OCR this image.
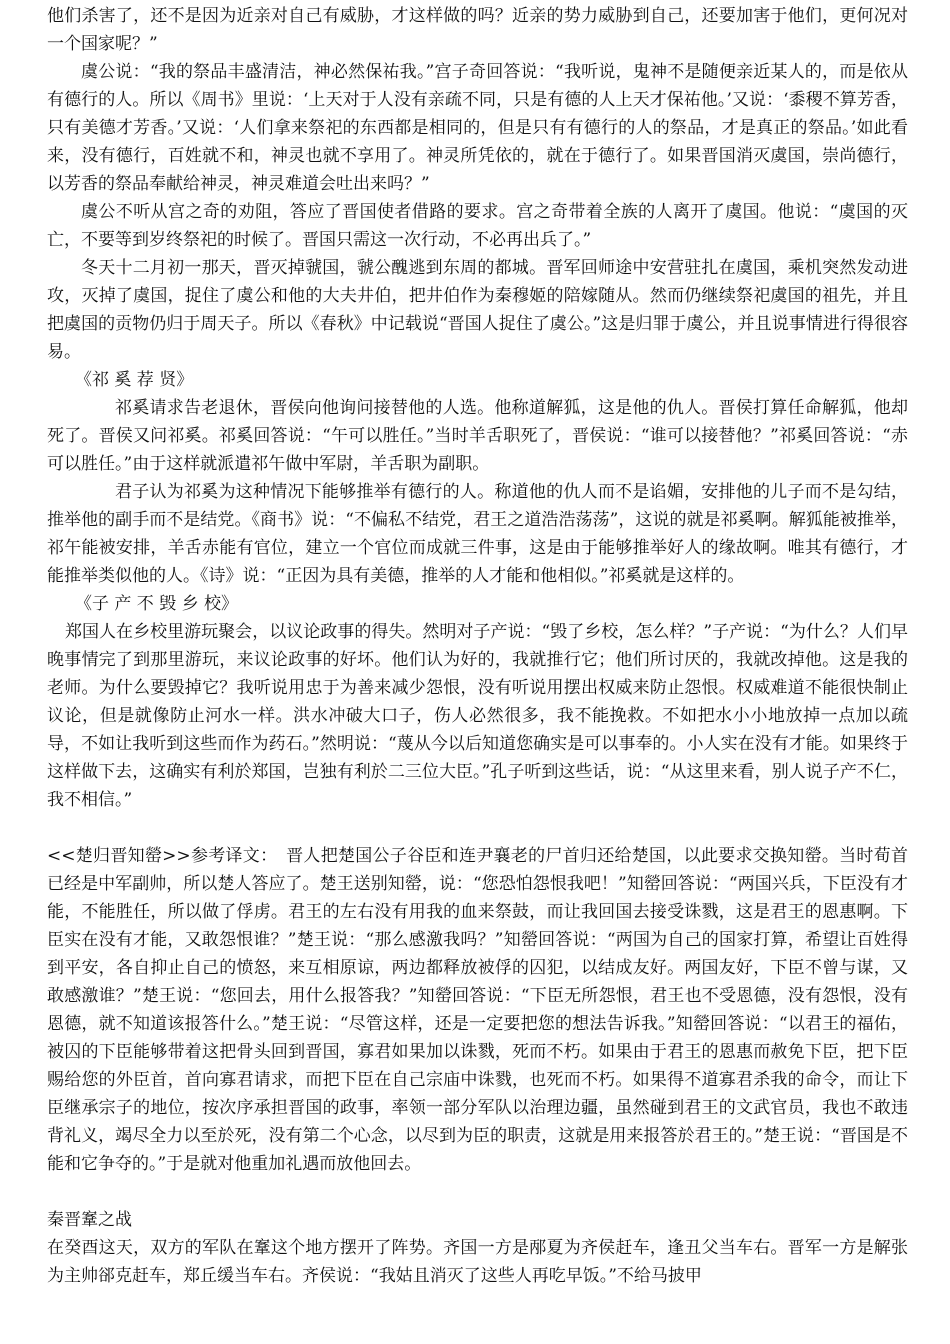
他们杀害了，还不是因为近亲对自己有威胁，才这样做的吗？近亲的势力威胁到自己，还要加害于他们，更何况对一个国家呢？”

虞公说：“我的祭品丰盛清洁，神必然保祐我。”宫子奇回答说：“我听说，鬼神不是随便亲近某人的，而是依从有德行的人。所以《周书》里说：‘上天对于人没有亲疏不同，只是有德的人上天才保祐他。’又说：‘黍稷不算芳香，只有美德才芳香。’又说：‘人们拿来祭祀的东西都是相同的，但是只有有德行的人的祭品，才是真正的祭品。’如此看来，没有德行，百姓就不和，神灵也就不享用了。神灵所凭依的，就在于德行了。如果晋国消灭虞国，崇尚德行，以芳香的祭品奉献给神灵，神灵难道会吐出来吗？”

虞公不听从宫之奇的劝阻，答应了晋国使者借路的要求。宫之奇带着全族的人离开了虞国。他说：“虞国的灭亡，不要等到岁终祭祀的时候了。晋国只需这一次行动，不必再出兵了。”

冬天十二月初一那天，晋灭掉虢国，虢公醜逃到东周的都城。晋军回师途中安营驻扎在虞国，乘机突然发动进攻，灭掉了虞国，捉住了虞公和他的大夫井伯，把井伯作为秦穆姬的陪嫁随从。然而仍继续祭祀虞国的祖先，并且把虞国的贡物仍归于周天子。所以《春秋》中记载说“晋国人捉住了虞公。”这是归罪于虞公，并且说事情进行得很容易。

《祁 奚 荐 贤》

祁奚请求告老退休，晋侯向他询问接替他的人选。他称道解狐，这是他的仇人。晋侯打算任命解狐，他却死了。晋侯又问祁奚。祁奚回答说：“午可以胜任。”当时羊舌职死了，晋侯说：“谁可以接替他？”祁奚回答说：“赤可以胜任。”由于这样就派遣祁午做中军尉，羊舌职为副职。

君子认为祁奚为这种情况下能够推举有德行的人。称道他的仇人而不是谄媚，安排他的儿子而不是勾结，推举他的副手而不是结党。《商书》说：“不偏私不结党，君王之道浩浩荡荡”，这说的就是祁奚啊。解狐能被推举，祁午能被安排，羊舌赤能有官位，建立一个官位而成就三件事，这是由于能够推举好人的缘故啊。唯其有德行，才能推举类似他的人。《诗》说：“正因为具有美德，推举的人才能和他相似。”祁奚就是这样的。

《子 产 不 毁 乡 校》

郑国人在乡校里游玩聚会，以议论政事的得失。然明对子产说：“毁了乡校，怎么样？”子产说：“为什么？人们早晚事情完了到那里游玩，来议论政事的好坏。他们认为好的，我就推行它；他们所讨厌的，我就改掉他。这是我的老师。为什么要毁掉它？我听说用忠于为善来减少怨恨，没有听说用摆出权威来防止怨恨。权威难道不能很快制止议论，但是就像防止河水一样。洪水冲破大口子，伤人必然很多，我不能挽救。不如把水小小地放掉一点加以疏导，不如让我听到这些而作为药石。”然明说：“蔑从今以后知道您确实是可以事奉的。小人实在没有才能。如果终于这样做下去，这确实有利於郑国，岂独有利於二三位大臣。”孔子听到这些话，说：“从这里来看，别人说子产不仁，我不相信。”

<<楚归晋知罃>>参考译文：　晋人把楚国公子谷臣和连尹襄老的尸首归还给楚国，以此要求交换知罃。当时荀首已经是中军副帅，所以楚人答应了。楚王送别知罃，说：“您恐怕怨恨我吧！”知罃回答说：“两国兴兵，下臣没有才能，不能胜任，所以做了俘虏。君王的左右没有用我的血来祭鼓，而让我回国去接受诛戮，这是君王的恩惠啊。下臣实在没有才能，又敢怨恨谁？”楚王说：“那么感激我吗？”知罃回答说：“两国为自己的国家打算，希望让百姓得到平安，各自抑止自己的愤怒，来互相原谅，两边都释放被俘的囚犯，以结成友好。两国友好，下臣不曾与谋，又敢感激谁？”楚王说：“您回去，用什么报答我？”知罃回答说：“下臣无所怨恨，君王也不受恩德，没有怨恨，没有恩德，就不知道该报答什么。”楚王说：“尽管这样，还是一定要把您的想法告诉我。”知罃回答说：“以君王的福佑，被囚的下臣能够带着这把骨头回到晋国，寡君如果加以诛戮，死而不朽。如果由于君王的恩惠而赦免下臣，把下臣赐给您的外臣首，首向寡君请求，而把下臣在自己宗庙中诛戮，也死而不朽。如果得不道寡君杀我的命令，而让下臣继承宗子的地位，按次序承担晋国的政事，率领一部分军队以治理边疆，虽然碰到君王的文武官员，我也不敢违背礼义，竭尽全力以至於死，没有第二个心念，以尽到为臣的职责，这就是用来报答於君王的。”楚王说：“晋国是不能和它争夺的。”于是就对他重加礼遇而放他回去。

秦晋鞌之战

在癸酉这天，双方的军队在鞌这个地方摆开了阵势。齐国一方是邴夏为齐侯赶车，逢丑父当车右。晋军一方是解张为主帅郤克赶车，郑丘缓当车右。齐侯说：“我姑且消灭了这些人再吃早饭。”不给马披甲
